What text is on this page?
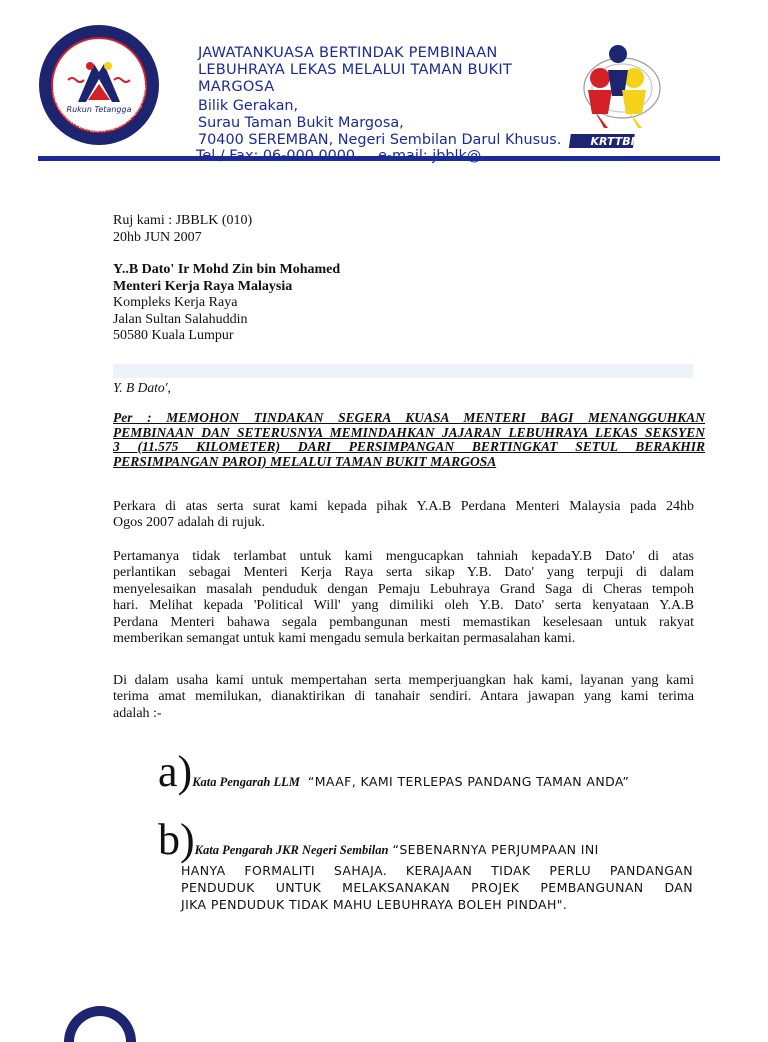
Rukun Tetangga
MENINGKATKAN PERPADUAN MERAIKAN KESEJAHTERA
JAWATANKUASA BERTINDAK PEMBINAAN
LEBUHRAYA LEKAS MELALUI TAMAN BUKIT
MARGOSA
Bilik Gerakan,
Surau Taman Bukit Margosa,
70400 SEREMBAN, Negeri Sembilan Darul Khusus.	KRTTBM
Ruj kami : JBBLK (010)
20hb JUN 2007
Y..B Dato' Ir Mohd Zin bin Mohamed
Menteri Kerja Raya Malaysia
Kompleks Kerja Raya
Jalan Sultan Salahuddin
50580 Kuala Lumpur
Y. B Dato',
Per : MEMOHON TINDAKAN SEGERA KUASA MENTERI BAGI MENANGGUHKAN
PEMBINAAN DAN SETERUSNYA MEMINDAHKAN JAJARAN LEBUHRAYA LEKAS SEKSYEN
3 (11.575 KILOMETER) DARI PERSIMPANGAN BERTINGKAT SETUL BERAKHIR
PERSIMPANGAN PAROI) MELALUI TAMAN BUKIT MARGOSA
Perkara di atas serta surat kami kepada pihak Y.A.B Perdana Menteri Malaysia pada 24hb
Ogos 2007 adalah di rujuk.
Pertamanya tidak terlambat untuk kami mengucapkan tahniah kepadaY.B Dato' di atas
perlantikan sebagai Menteri Kerja Raya serta sikap Y.B. Dato' yang terpuji di dalam
menyelesaikan masalah penduduk dengan Pemaju Lebuhraya Grand Saga di Cheras tempoh
hari. Melihat kepada 'Political Will' yang dimiliki oleh Y.B. Dato' serta kenyataan Y.A.B
Perdana Menteri bahawa segala pembangunan mesti memastikan keselesaan untuk rakyat
memberikan semangat untuk kami mengadu semula berkaitan permasalahan kami.
Di dalam usaha kami untuk mempertahan serta memperjuangkan hak kami, layanan yang kami
terima amat memilukan, dianaktirikan di tanahair sendiri. Antara jawapan yang kami terima
adalah :-
a)Kata Pengarah LLM “MAAF, KAMI TERLEPAS PANDANG TAMAN ANDA”
b)Kata Pengarah JKR Negeri Sembilan “SEBENARNYA PERJUMPAAN INI
HANYA FORMALITI SAHAJA. KERAJAAN TIDAK PERLU PANDANGAN
PENDUDUK UNTUK MELAKSANAKAN PROJEK PEMBANGUNAN DAN
JIKA PENDUDUK TIDAK MAHU LEBUHRAYA BOLEH PINDAH".
